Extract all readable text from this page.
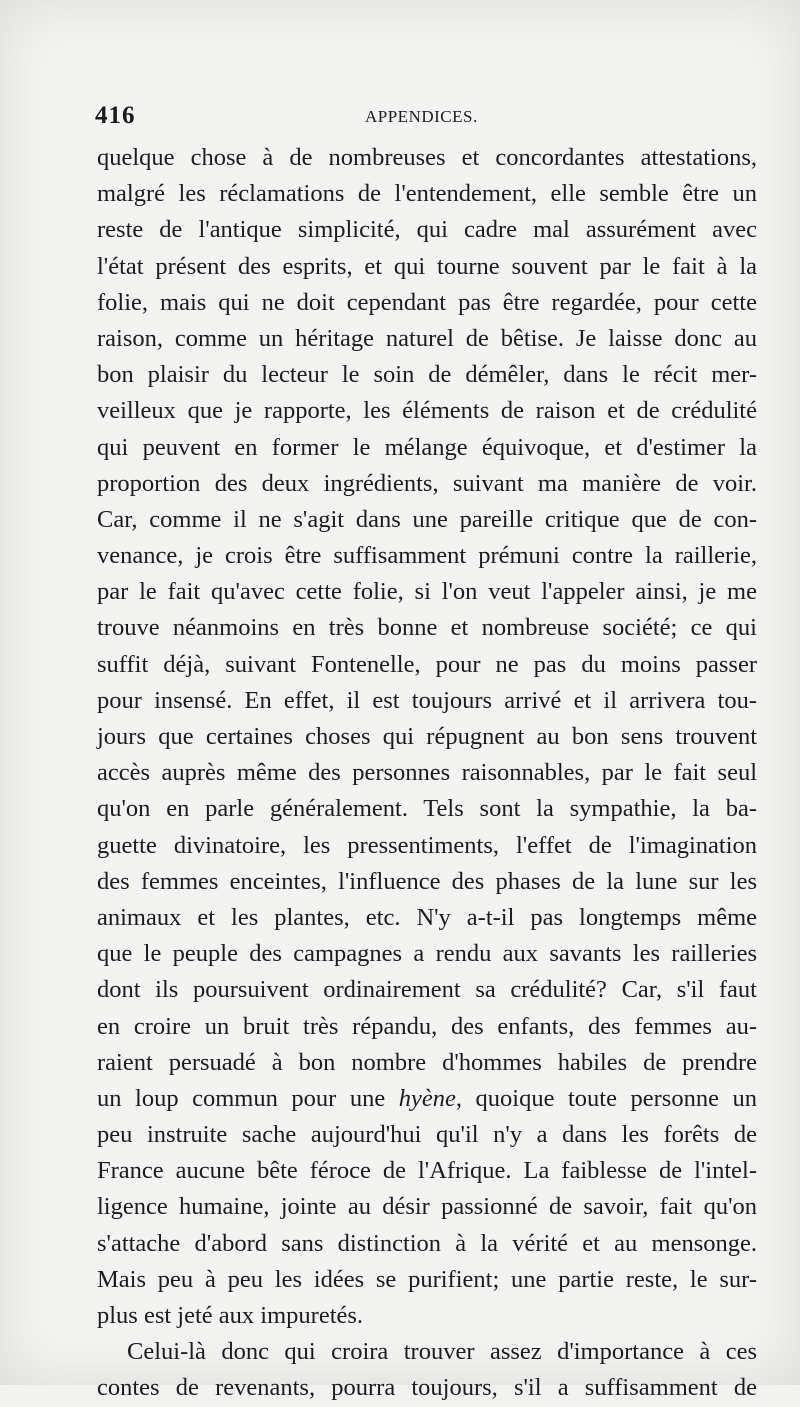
416	APPENDICES.
quelque chose à de nombreuses et concordantes attestations,
malgré les réclamations de l'entendement, elle semble être un
reste de l'antique simplicité, qui cadre mal assurément avec
l'état présent des esprits, et qui tourne souvent par le fait à la
folie, mais qui ne doit cependant pas être regardée, pour cette
raison, comme un héritage naturel de bêtise. Je laisse donc au
bon plaisir du lecteur le soin de démêler, dans le récit mer-
veilleux que je rapporte, les éléments de raison et de crédulité
qui peuvent en former le mélange équivoque, et d'estimer la
proportion des deux ingrédients, suivant ma manière de voir.
Car, comme il ne s'agit dans une pareille critique que de con-
venance, je crois être suffisamment prémuni contre la raillerie,
par le fait qu'avec cette folie, si l'on veut l'appeler ainsi, je me
trouve néanmoins en très bonne et nombreuse société; ce qui
suffit déjà, suivant Fontenelle, pour ne pas du moins passer
pour insensé. En effet, il est toujours arrivé et il arrivera tou-
jours que certaines choses qui répugnent au bon sens trouvent
accès auprès même des personnes raisonnables, par le fait seul
qu'on en parle généralement. Tels sont la sympathie, la ba-
guette divinatoire, les pressentiments, l'effet de l'imagination
des femmes enceintes, l'influence des phases de la lune sur les
animaux et les plantes, etc. N'y a-t-il pas longtemps même
que le peuple des campagnes a rendu aux savants les railleries
dont ils poursuivent ordinairement sa crédulité? Car, s'il faut
en croire un bruit très répandu, des enfants, des femmes au-
raient persuadé à bon nombre d'hommes habiles de prendre
un loup commun pour une hyène, quoique toute personne un
peu instruite sache aujourd'hui qu'il n'y a dans les forêts de
France aucune bête féroce de l'Afrique. La faiblesse de l'intel-
ligence humaine, jointe au désir passionné de savoir, fait qu'on
s'attache d'abord sans distinction à la vérité et au mensonge.
Mais peu à peu les idées se purifient; une partie reste, le sur-
plus est jeté aux impuretés.
Celui-là donc qui croira trouver assez d'importance à ces
contes de revenants, pourra toujours, s'il a suffisamment de
